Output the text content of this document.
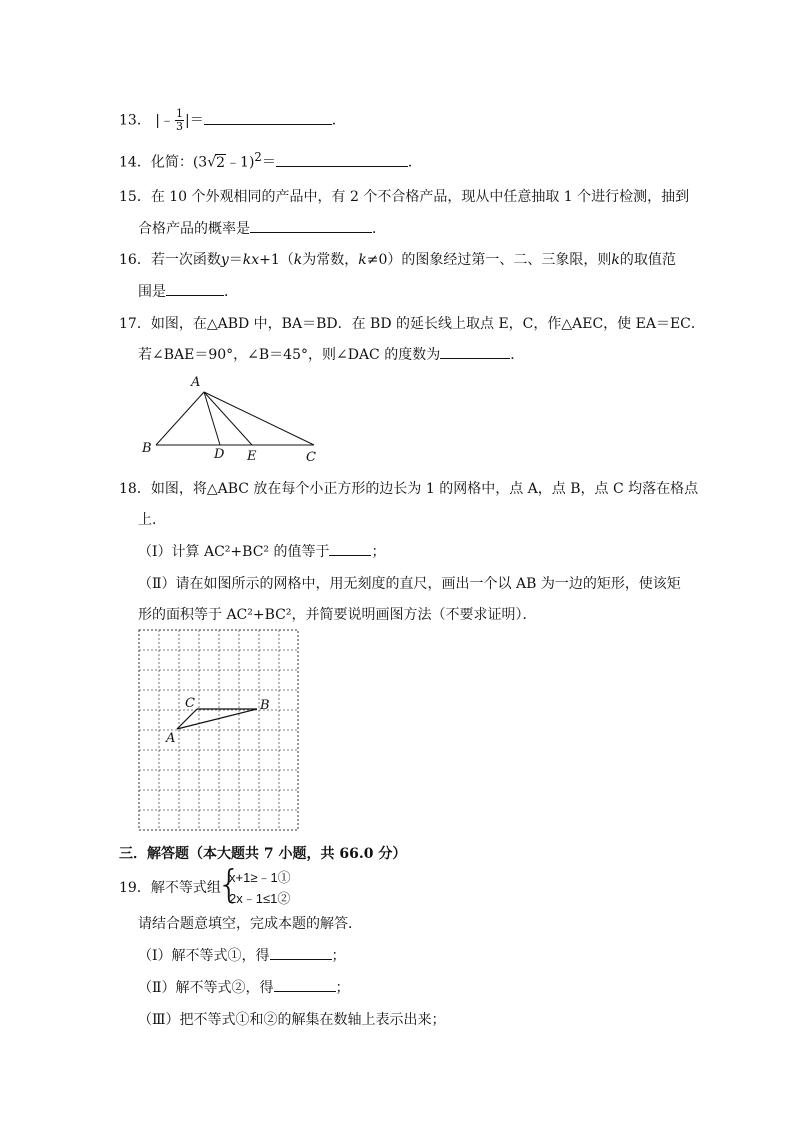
13． |﹣ $\frac{1}{3}$ |＝	．
14．化简：(3√2﹣1)$^2$＝	．
15．在 10 个外观相同的产品中，有 2 个不合格产品，现从中任意抽取 1 个进行检测，抽到
合格产品的概率是	．
16．若一次函数y＝kx+1（k为常数，k≠0）的图象经过第一、二、三象限，则k的取值范
围是	．
17．如图，在△ABD 中，BA＝BD．在 BD 的延长线上取点 E，C，作△AEC，使 EA＝EC．
若∠BAE＝90°，∠B＝45°，则∠DAC 的度数为	．
A
B	D E	C
18．如图，将△ABC 放在每个小正方形的边长为 1 的网格中，点 A，点 B，点 C 均落在格点
上．
（Ⅰ）计算 AC²+BC² 的值等于	；
（Ⅱ）请在如图所示的网格中，用无刻度的直尺，画出一个以 AB 为一边的矩形，使该矩
形的面积等于 AC²+BC²，并简要说明画图方法（不要求证明）．
A
C	B
三．解答题（本大题共 7 小题，共 66.0 分）
19．解不等式组
{
x+1≥﹣1①
2x﹣1≤1②
请结合题意填空，完成本题的解答．
（Ⅰ）解不等式①，得	；
（Ⅱ）解不等式②，得	；
（Ⅲ）把不等式①和②的解集在数轴上表示出来；
